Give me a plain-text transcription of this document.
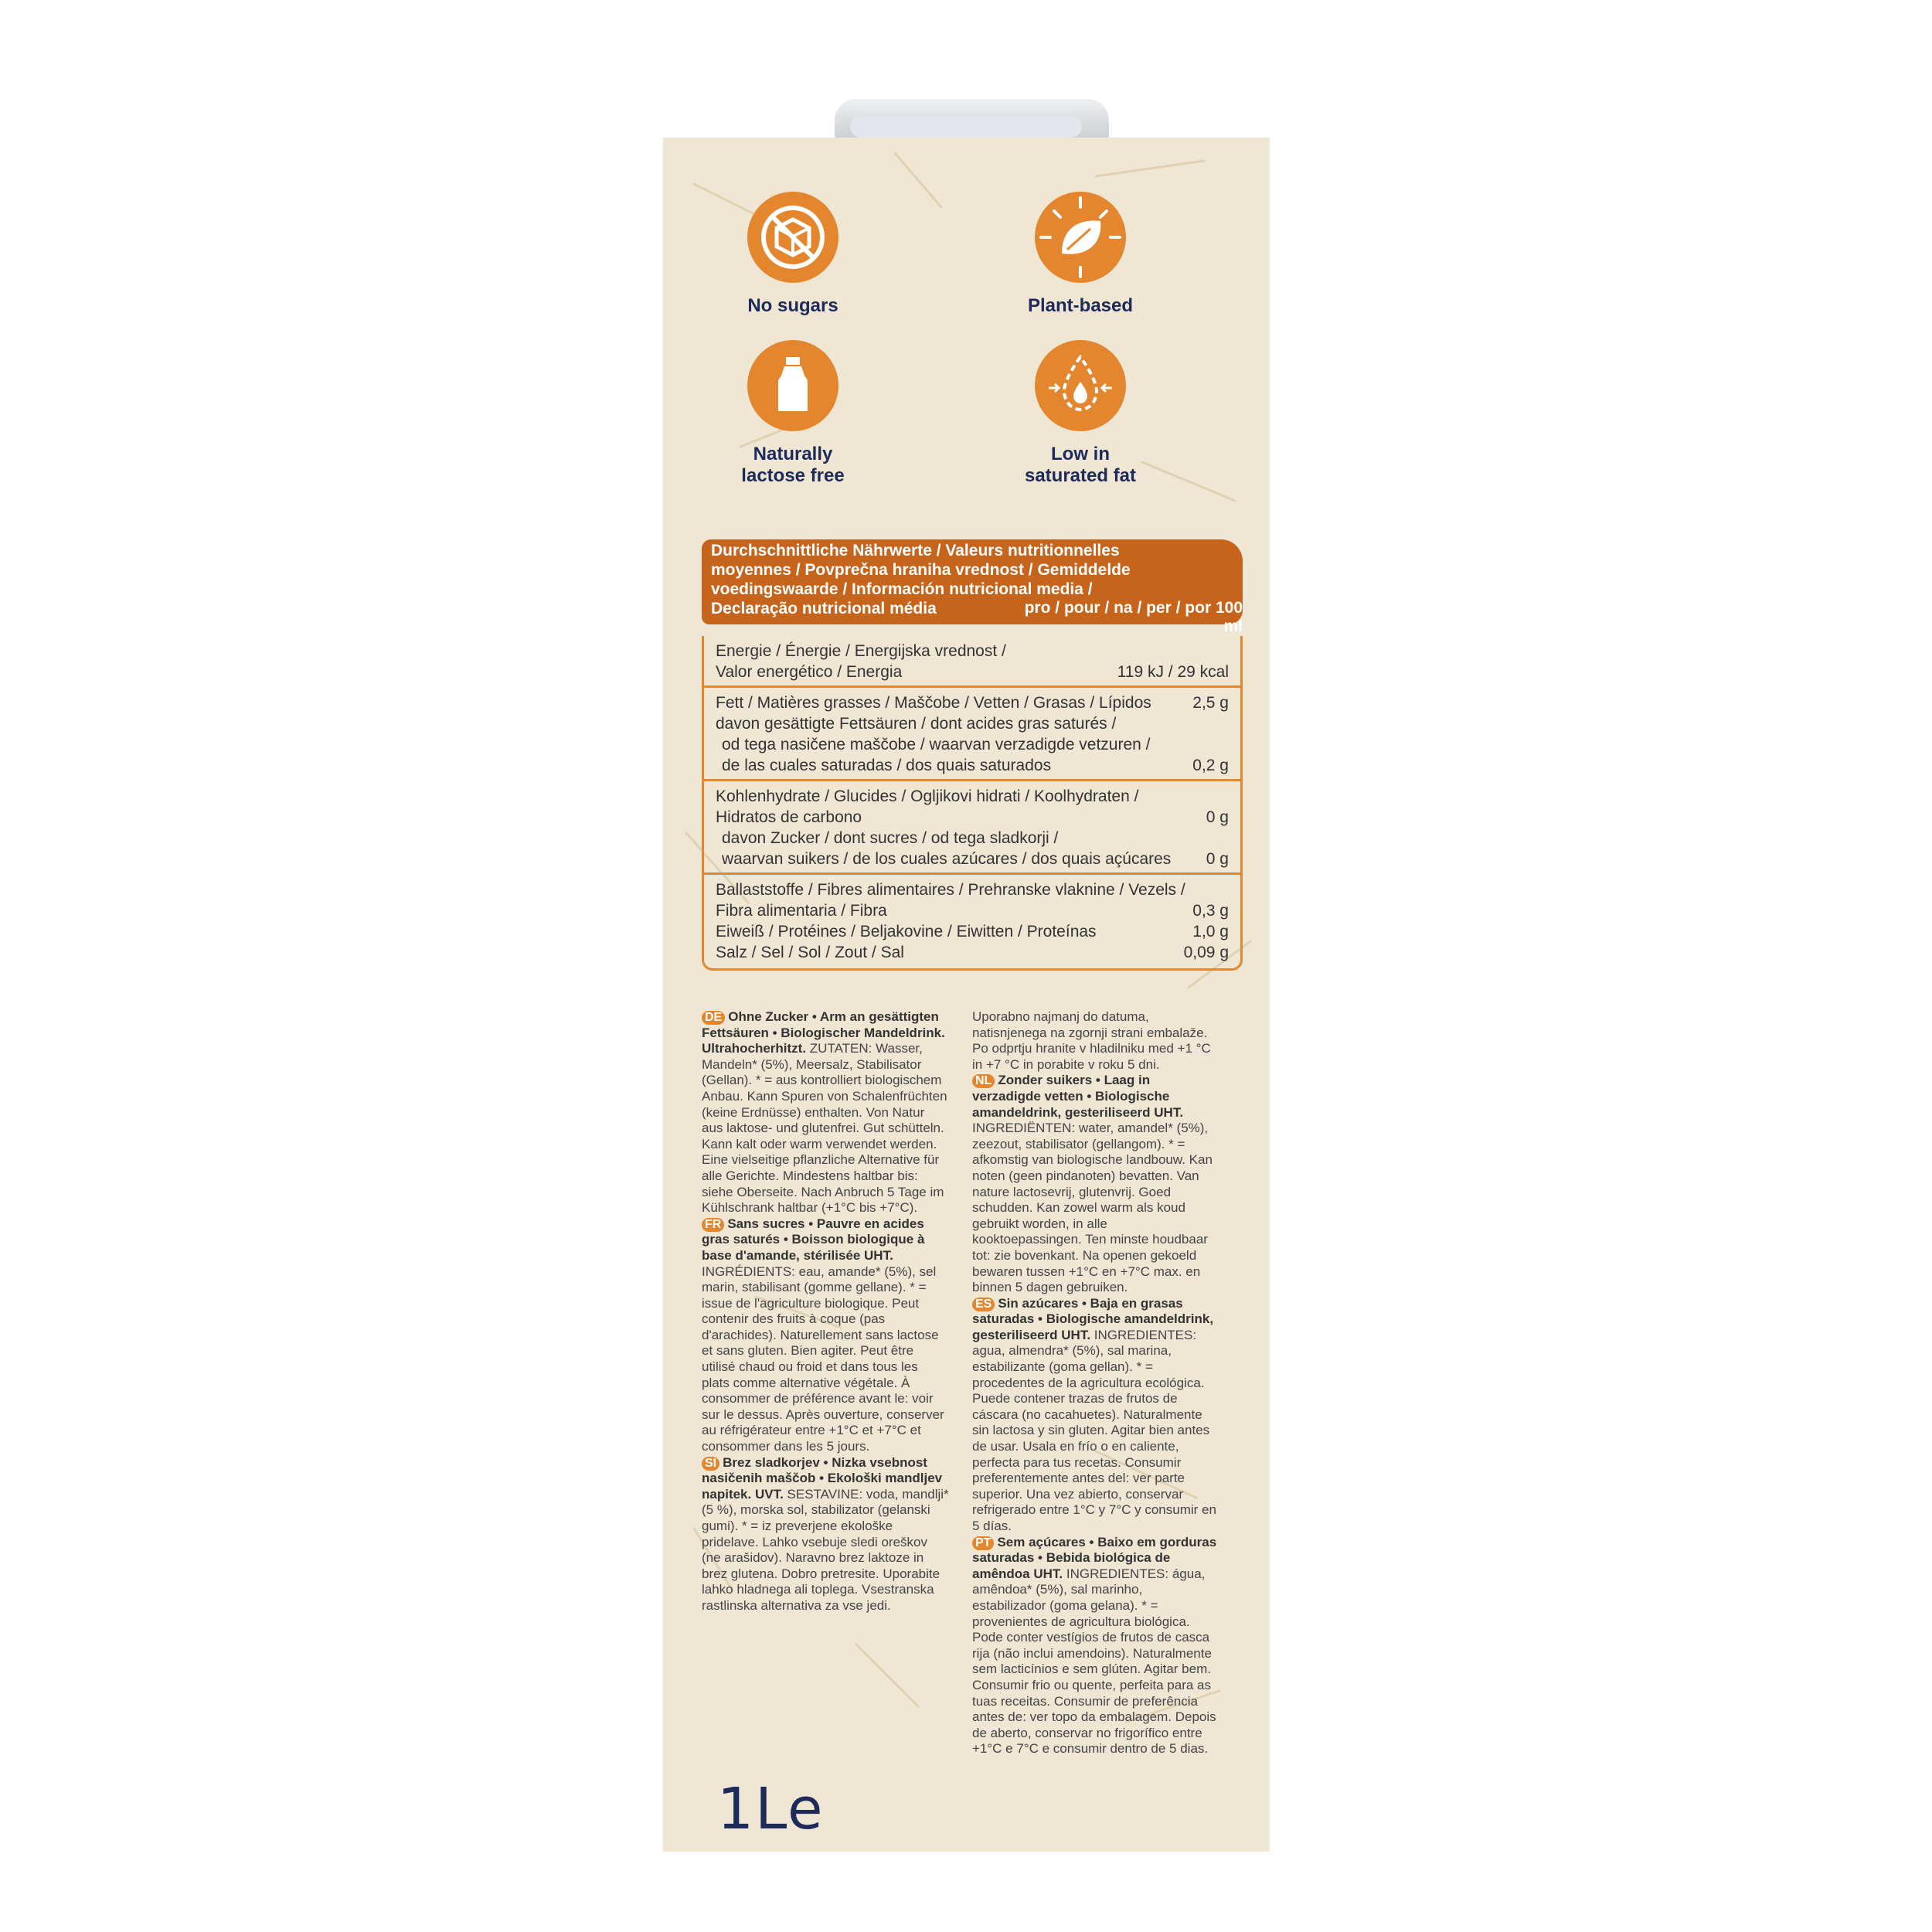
No sugars	Plant-based
Naturally
lactose free
Low in
saturated fat
Durchschnittliche Nährwerte / Valeurs nutritionnelles moyennes / Povprečna hraniha vrednost / Gemiddelde voedingswaarde / Información nutricional media / Declaração nutricional média	pro / pour / na / per / por 100 ml
Energie / Énergie / Energijska vrednost /
Valor energético / Energia	119 kJ / 29 kcal
Fett / Matières grasses / Maščobe / Vetten / Grasas / Lípidos	2,5 g
davon gesättigte Fettsäuren / dont acides gras saturés /
od tega nasičene maščobe / waarvan verzadigde vetzuren /
de las cuales saturadas / dos quais saturados	0,2 g
Kohlenhydrate / Glucides / Ogljikovi hidrati / Koolhydraten /
Hidratos de carbono	0 g
davon Zucker / dont sucres / od tega sladkorji /
waarvan suikers / de los cuales azúcares / dos quais açúcares 0 g
Ballaststoffe / Fibres alimentaires / Prehranske vlaknine / Vezels /
Fibra alimentaria / Fibra	0,3 g
Eiweiß / Protéines / Beljakovine / Eiwitten / Proteínas	1,0 g
Salz / Sel / Sol / Zout / Sal	0,09 g
DE Ohne Zucker • Arm an gesättigten Fettsäuren • Biologischer Mandeldrink. Ultrahocherhitzt. ZUTATEN: Wasser, Mandeln* (5%), Meersalz, Stabilisator (Gellan). * = aus kontrolliert biologischem Anbau. Kann Spuren von Schalenfrüchten (keine Erdnüsse) enthalten. Von Natur aus laktose- und glutenfrei. Gut schütteln. Kann kalt oder warm verwendet werden. Eine vielseitige pflanzliche Alternative für alle Gerichte. Mindestens haltbar bis: siehe Oberseite. Nach Anbruch 5 Tage im Kühlschrank haltbar (+1°C bis +7°C).
FR Sans sucres • Pauvre en acides gras saturés • Boisson biologique à base d'amande, stérilisée UHT. INGRÉDIENTS: eau, amande* (5%), sel marin, stabilisant (gomme gellane). * = issue de l'agriculture biologique. Peut contenir des fruits à coque (pas d'arachides). Naturellement sans lactose et sans gluten. Bien agiter. Peut être utilisé chaud ou froid et dans tous les plats comme alternative végétale. À consommer de préférence avant le: voir sur le dessus. Après ouverture, conserver au réfrigérateur entre +1°C et +7°C et consommer dans les 5 jours.
SI Brez sladkorjev • Nizka vsebnost nasičenih maščob • Ekološki mandljev napitek. UVT. SESTAVINE: voda, mandlji* (5 %), morska sol, stabilizator (gelanski gumi). * = iz preverjene ekološke pridelave. Lahko vsebuje sledi oreškov (ne arašidov). Naravno brez laktoze in brez glutena. Dobro pretresite. Uporabite lahko hladnega ali toplega. Vsestranska rastlinska alternativa za vse jedi.
Uporabno najmanj do datuma, natisnjenega na zgornji strani embalaže. Po odprtju hranite v hladilniku med +1 °C in +7 °C in porabite v roku 5 dni.
NL Zonder suikers • Laag in verzadigde vetten • Biologische amandeldrink, gesteriliseerd UHT. INGREDIËNTEN: water, amandel* (5%), zeezout, stabilisator (gellangom). * = afkomstig van biologische landbouw. Kan noten (geen pindanoten) bevatten. Van nature lactosevrij, glutenvrij. Goed schudden. Kan zowel warm als koud gebruikt worden, in alle kooktoepassingen. Ten minste houdbaar tot: zie bovenkant. Na openen gekoeld bewaren tussen +1°C en +7°C max. en binnen 5 dagen gebruiken.
ES Sin azúcares • Baja en grasas saturadas • Biologische amandeldrink, gesteriliseerd UHT. INGREDIENTES: agua, almendra* (5%), sal marina, estabilizante (goma gellan). * = procedentes de la agricultura ecológica. Puede contener trazas de frutos de cáscara (no cacahuetes). Naturalmente sin lactosa y sin gluten. Agitar bien antes de usar. Usala en frío o en caliente, perfecta para tus recetas. Consumir preferentemente antes del: ver parte superior. Una vez abierto, conservar refrigerado entre 1°C y 7°C y consumir en 5 días.
PT Sem açúcares • Baixo em gorduras saturadas • Bebida biológica de amêndoa UHT. INGREDIENTES: água, amêndoa* (5%), sal marinho, estabilizador (goma gelana). * = provenientes de agricultura biológica. Pode conter vestígios de frutos de casca rija (não inclui amendoins). Naturalmente sem lacticínios e sem glúten. Agitar bem. Consumir frio ou quente, perfeita para as tuas receitas. Consumir de preferência antes de: ver topo da embalagem. Depois de aberto, conservar no frigorífico entre +1°C e 7°C e consumir dentro de 5 dias.
1Le
